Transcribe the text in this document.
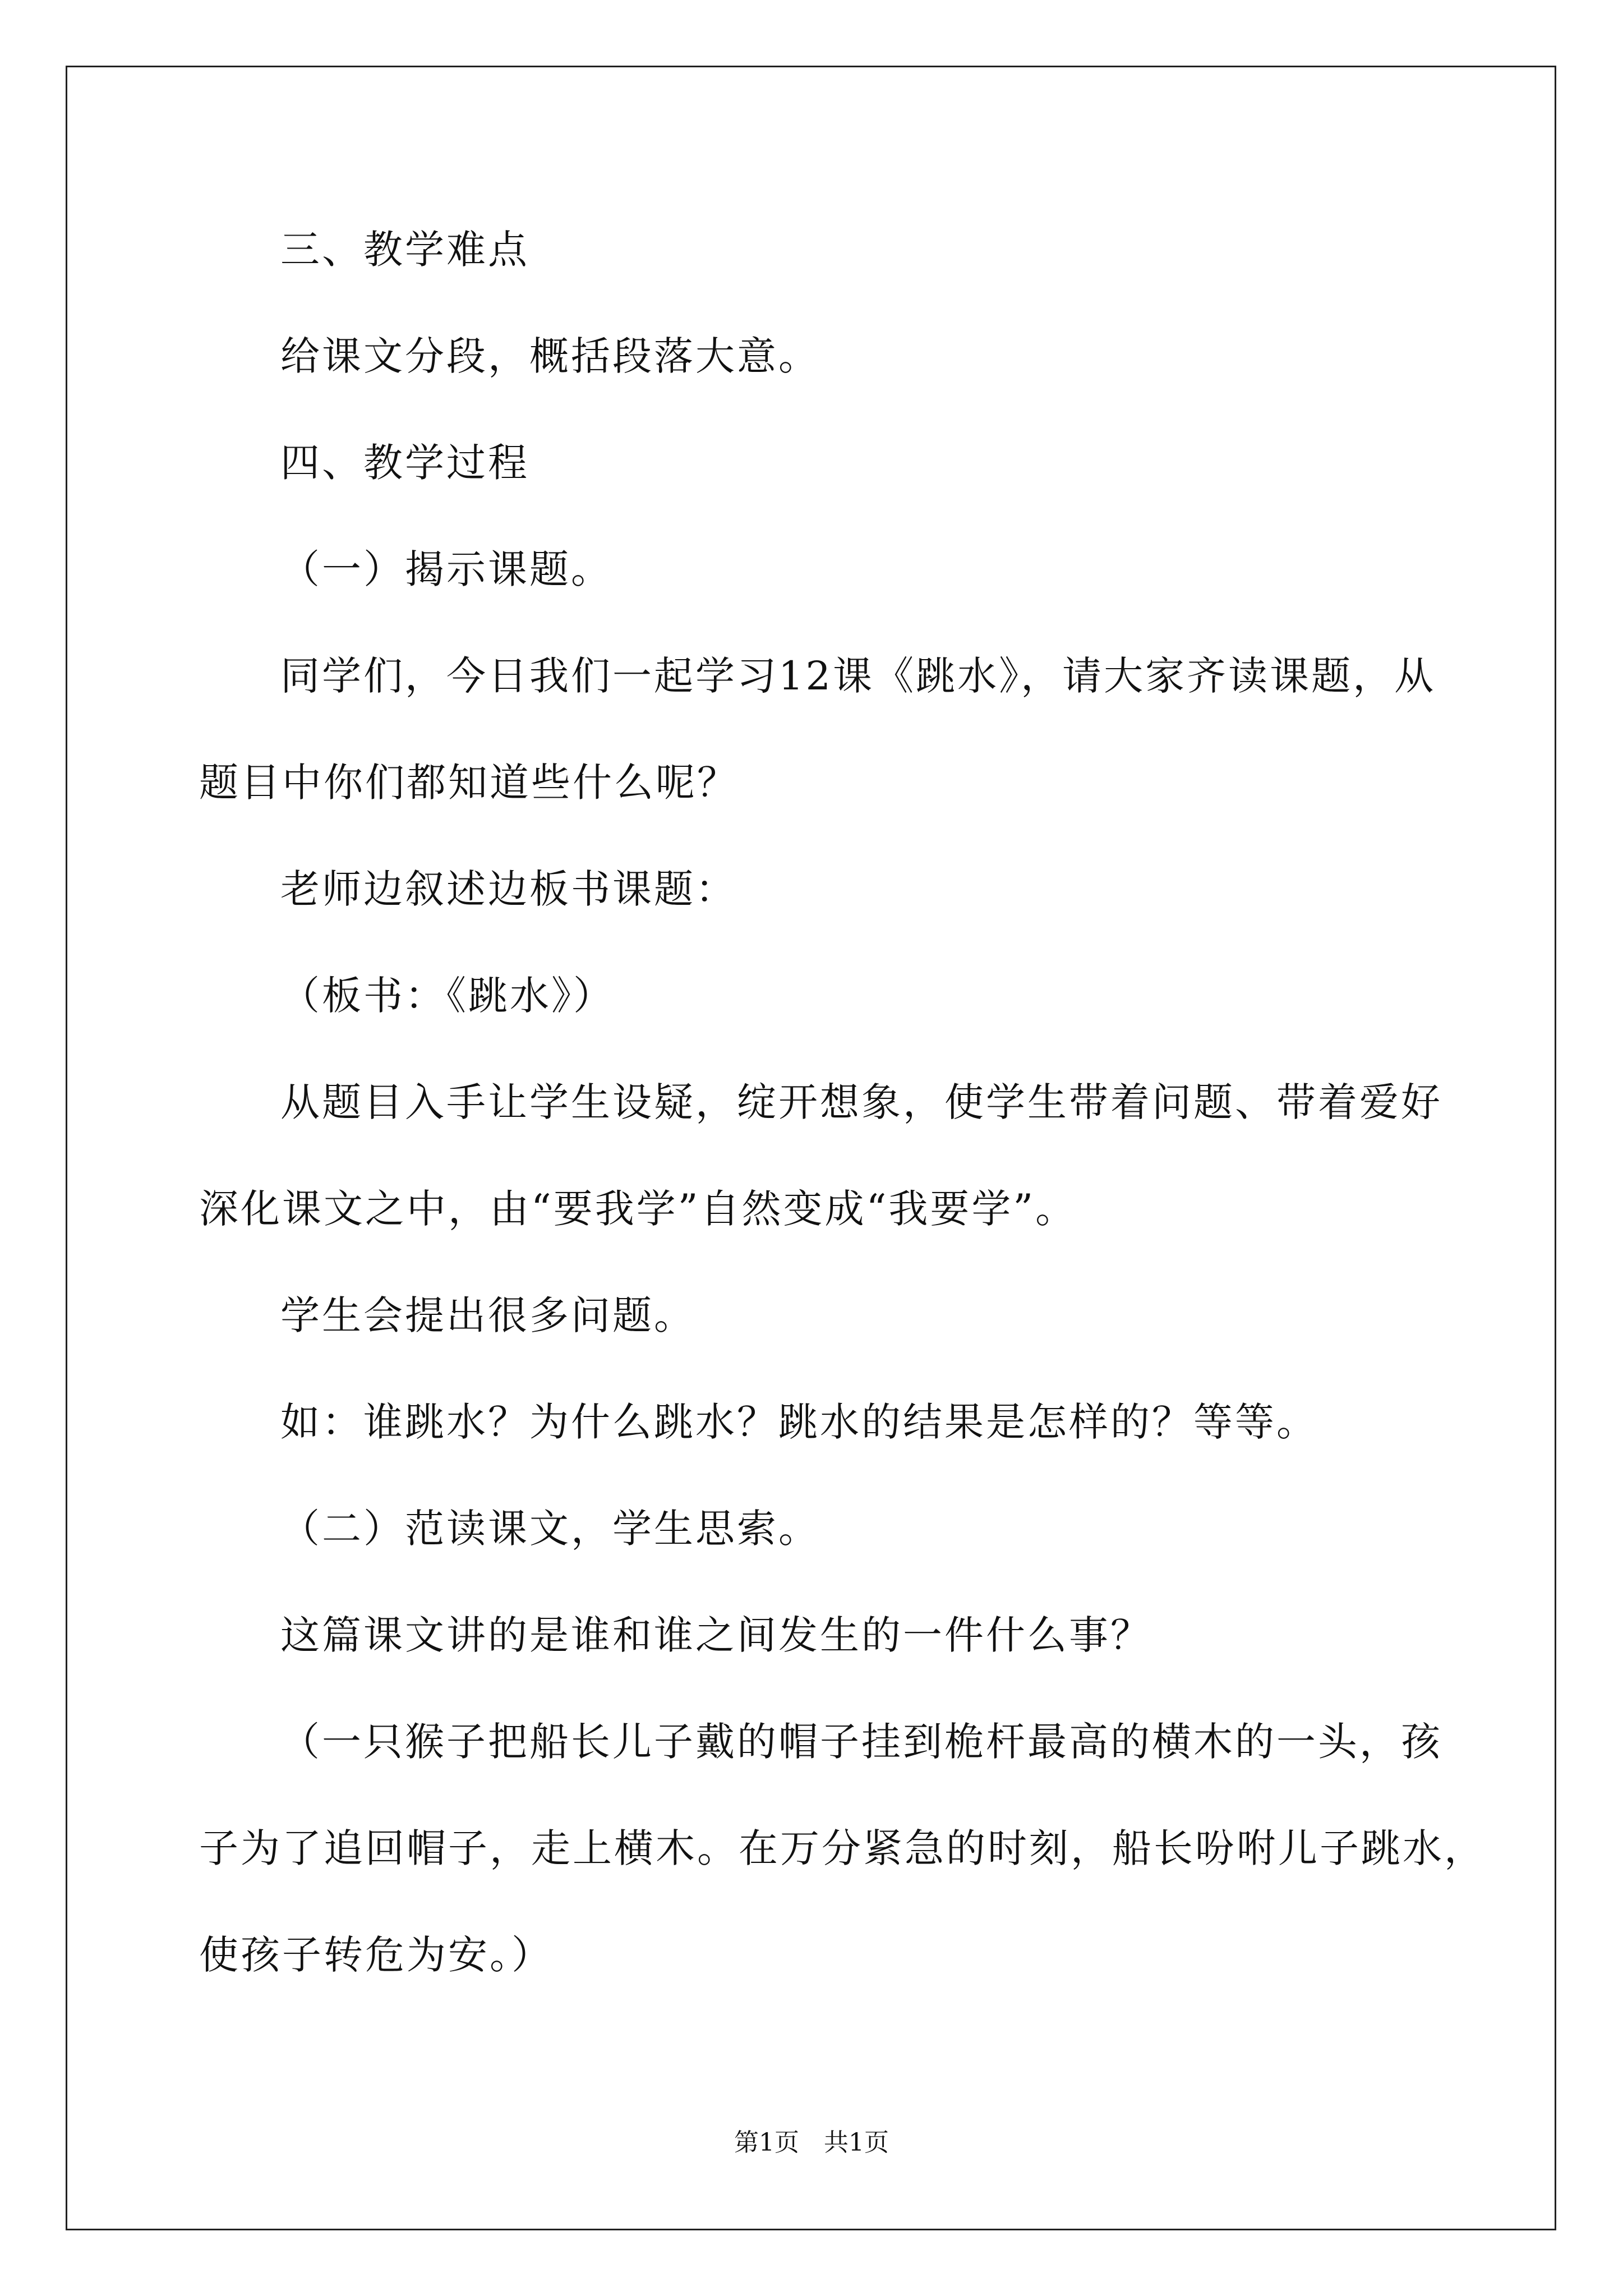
三、教学难点
给课文分段，概括段落大意。
四、教学过程
（一）揭示课题。
同学们，今日我们一起学习12课《跳水》，请大家齐读课题，从
题目中你们都知道些什么呢？
老师边叙述边板书课题：
（板书：《跳水》）
从题目入手让学生设疑，绽开想象，使学生带着问题、带着爱好
深化课文之中，由“要我学”自然变成“我要学”。
学生会提出很多问题。
如：谁跳水？为什么跳水？跳水的结果是怎样的？等等。
（二）范读课文，学生思索。
这篇课文讲的是谁和谁之间发生的一件什么事？
（一只猴子把船长儿子戴的帽子挂到桅杆最高的横木的一头，孩
子为了追回帽子，走上横木。在万分紧急的时刻，船长吩咐儿子跳水，
使孩子转危为安。）
第1页　共1页
